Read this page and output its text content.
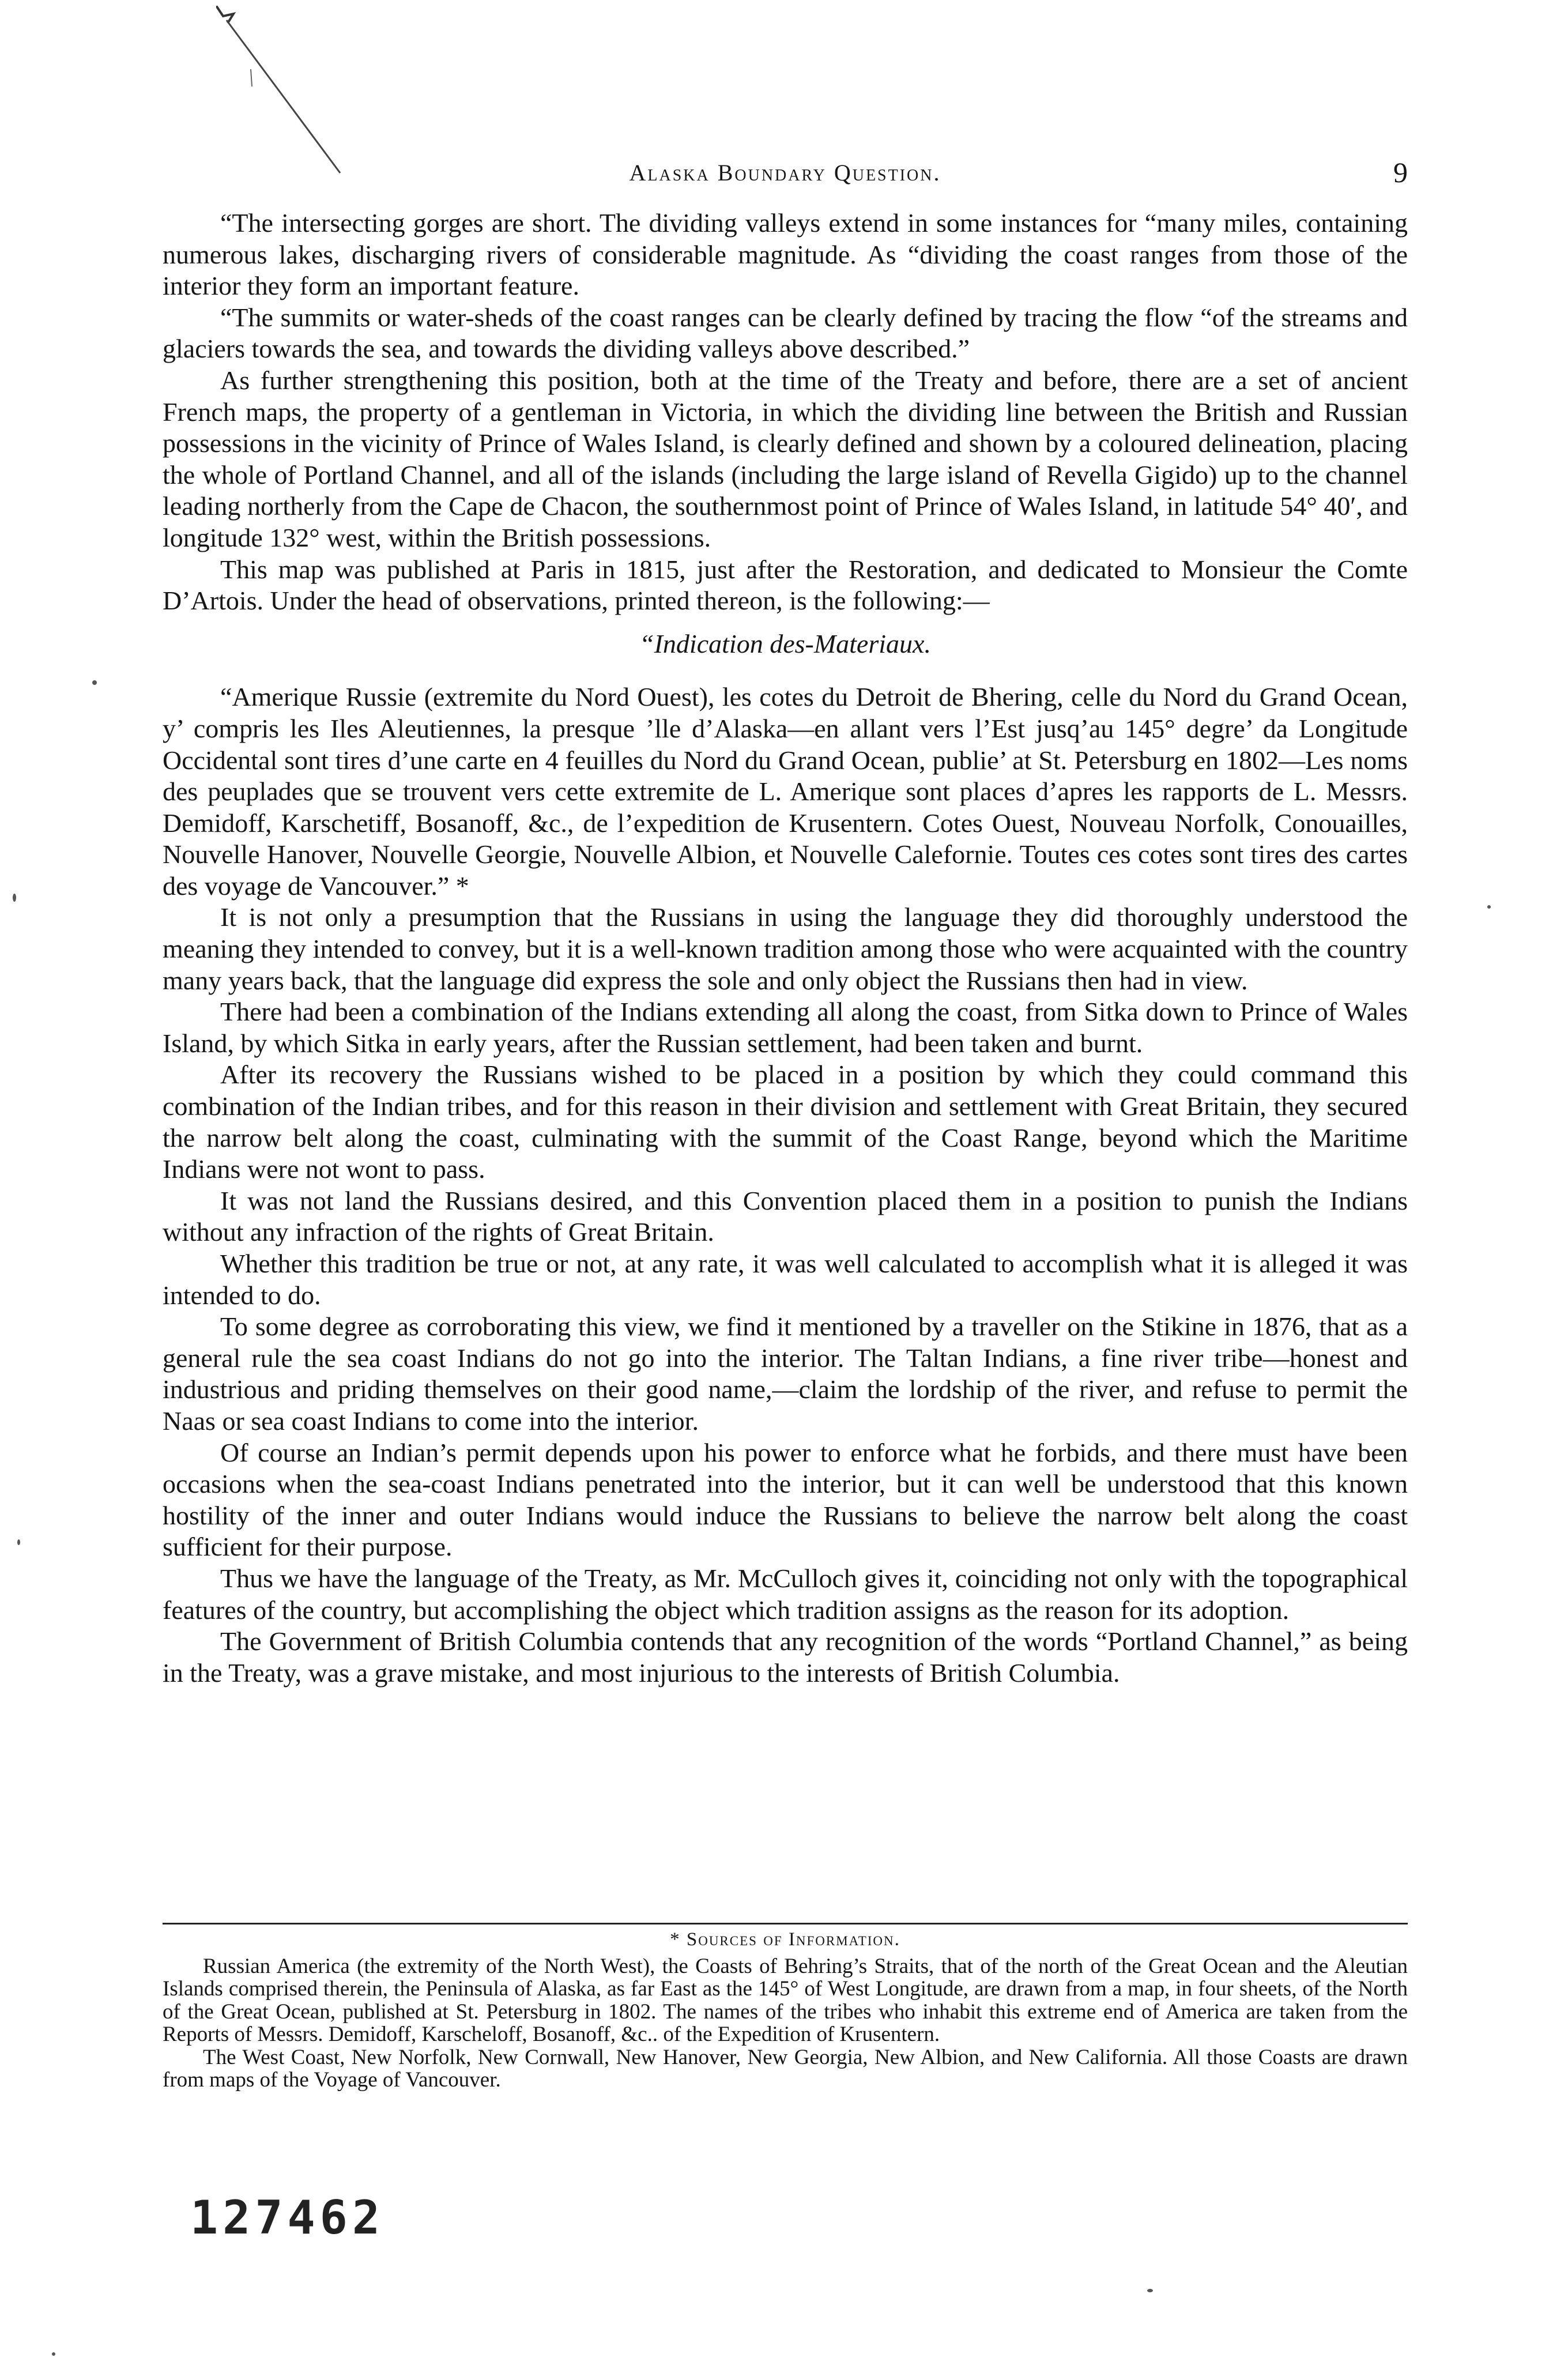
Alaska Boundary Question.	9

“The intersecting gorges are short. The dividing valleys extend in some instances for “many miles, containing numerous lakes, discharging rivers of considerable magnitude. As “dividing the coast ranges from those of the interior they form an important feature.

“The summits or water-sheds of the coast ranges can be clearly defined by tracing the flow “of the streams and glaciers towards the sea, and towards the dividing valleys above described.”

As further strengthening this position, both at the time of the Treaty and before, there are a set of ancient French maps, the property of a gentleman in Victoria, in which the dividing line between the British and Russian possessions in the vicinity of Prince of Wales Island, is clearly defined and shown by a coloured delineation, placing the whole of Portland Channel, and all of the islands (including the large island of Revella Gigido) up to the channel leading northerly from the Cape de Chacon, the southernmost point of Prince of Wales Island, in latitude 54° 40′, and longitude 132° west, within the British possessions.

This map was published at Paris in 1815, just after the Restoration, and dedicated to Monsieur the Comte D’Artois. Under the head of observations, printed thereon, is the following:—

“Indication des-Materiaux.

“Amerique Russie (extremite du Nord Ouest), les cotes du Detroit de Bhering, celle du Nord du Grand Ocean, y’ compris les Iles Aleutiennes, la presque ’lle d’Alaska—en allant vers l’Est jusq’au 145° degre’ da Longitude Occidental sont tires d’une carte en 4 feuilles du Nord du Grand Ocean, publie’ at St. Petersburg en 1802—Les noms des peuplades que se trouvent vers cette extremite de L. Amerique sont places d’apres les rapports de L. Messrs. Demidoff, Karschetiff, Bosanoff, &c., de l’expedition de Krusentern. Cotes Ouest, Nouveau Norfolk, Conouailles, Nouvelle Hanover, Nouvelle Georgie, Nouvelle Albion, et Nouvelle Calefornie. Toutes ces cotes sont tires des cartes des voyage de Vancouver.” *

It is not only a presumption that the Russians in using the language they did thoroughly understood the meaning they intended to convey, but it is a well-known tradition among those who were acquainted with the country many years back, that the language did express the sole and only object the Russians then had in view.

There had been a combination of the Indians extending all along the coast, from Sitka down to Prince of Wales Island, by which Sitka in early years, after the Russian settlement, had been taken and burnt.

After its recovery the Russians wished to be placed in a position by which they could command this combination of the Indian tribes, and for this reason in their division and settlement with Great Britain, they secured the narrow belt along the coast, culminating with the summit of the Coast Range, beyond which the Maritime Indians were not wont to pass.

It was not land the Russians desired, and this Convention placed them in a position to punish the Indians without any infraction of the rights of Great Britain.

Whether this tradition be true or not, at any rate, it was well calculated to accomplish what it is alleged it was intended to do.

To some degree as corroborating this view, we find it mentioned by a traveller on the Stikine in 1876, that as a general rule the sea coast Indians do not go into the interior. The Taltan Indians, a fine river tribe—honest and industrious and priding themselves on their good name,—claim the lordship of the river, and refuse to permit the Naas or sea coast Indians to come into the interior.

Of course an Indian’s permit depends upon his power to enforce what he forbids, and there must have been occasions when the sea-coast Indians penetrated into the interior, but it can well be understood that this known hostility of the inner and outer Indians would induce the Russians to believe the narrow belt along the coast sufficient for their purpose.

Thus we have the language of the Treaty, as Mr. McCulloch gives it, coinciding not only with the topographical features of the country, but accomplishing the object which tradition assigns as the reason for its adoption.

The Government of British Columbia contends that any recognition of the words “Portland Channel,” as being in the Treaty, was a grave mistake, and most injurious to the interests of British Columbia.

* Sources of Information.

Russian America (the extremity of the North West), the Coasts of Behring’s Straits, that of the north of the Great Ocean and the Aleutian Islands comprised therein, the Peninsula of Alaska, as far East as the 145° of West Longitude, are drawn from a map, in four sheets, of the North of the Great Ocean, published at St. Petersburg in 1802. The names of the tribes who inhabit this extreme end of America are taken from the Reports of Messrs. Demidoff, Karscheloff, Bosanoff, &c.. of the Expedition of Krusentern.

The West Coast, New Norfolk, New Cornwall, New Hanover, New Georgia, New Albion, and New California. All those Coasts are drawn from maps of the Voyage of Vancouver.

127462
